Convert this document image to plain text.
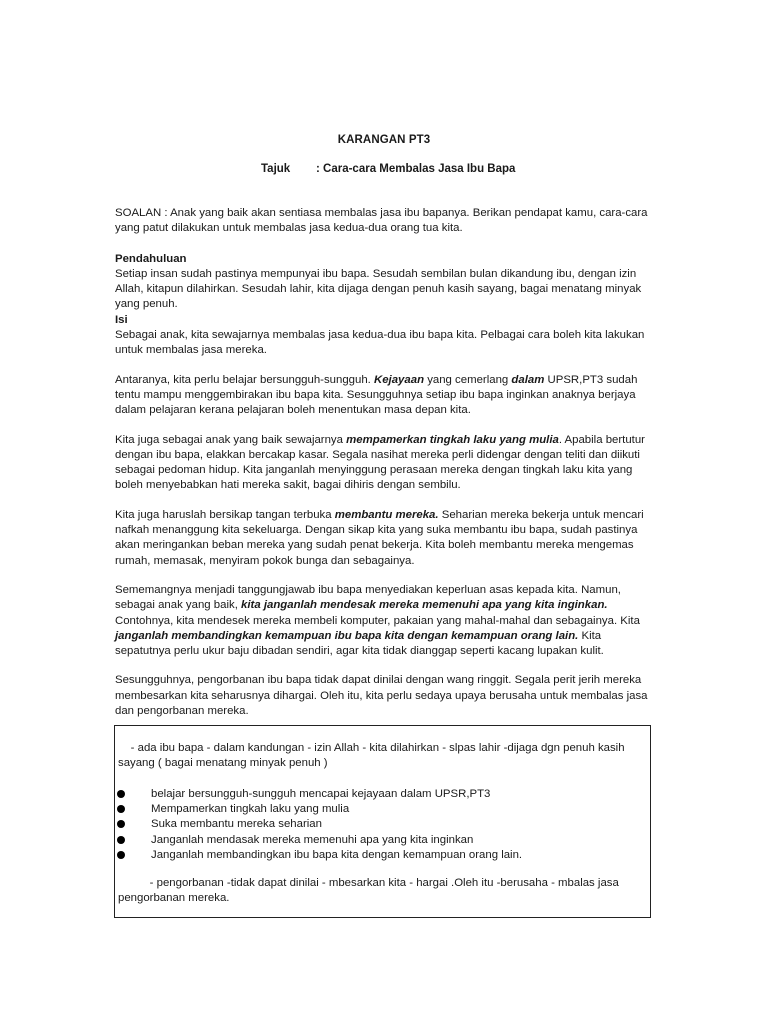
KARANGAN PT3
Tajuk : Cara-cara Membalas Jasa Ibu Bapa

SOALAN : Anak yang baik akan sentiasa membalas jasa ibu bapanya. Berikan pendapat kamu, cara-cara yang patut dilakukan untuk membalas jasa kedua-dua orang tua kita.

Pendahuluan

Setiap insan sudah pastinya mempunyai ibu bapa. Sesudah sembilan bulan dikandung ibu, dengan izin Allah, kitapun dilahirkan. Sesudah lahir, kita dijaga dengan penuh kasih sayang, bagai menatang minyak yang penuh.

Isi

Sebagai anak, kita sewajarnya membalas jasa kedua-dua ibu bapa kita. Pelbagai cara boleh kita lakukan untuk membalas jasa mereka.

Antaranya, kita perlu belajar bersungguh-sungguh. Kejayaan yang cemerlang dalam UPSR,PT3 sudah tentu mampu menggembirakan ibu bapa kita. Sesungguhnya setiap ibu bapa inginkan anaknya berjaya dalam pelajaran kerana pelajaran boleh menentukan masa depan kita.

Kita juga sebagai anak yang baik sewajarnya mempamerkan tingkah laku yang mulia. Apabila bertutur dengan ibu bapa, elakkan bercakap kasar. Segala nasihat mereka perli didengar dengan teliti dan diikuti sebagai pedoman hidup. Kita janganlah menyinggung perasaan mereka dengan tingkah laku kita yang boleh menyebabkan hati mereka sakit, bagai dihiris dengan sembilu.

Kita juga haruslah bersikap tangan terbuka membantu mereka. Seharian mereka bekerja untuk mencari nafkah menanggung kita sekeluarga. Dengan sikap kita yang suka membantu ibu bapa, sudah pastinya akan meringankan beban mereka yang sudah penat bekerja. Kita boleh membantu mereka mengemas rumah, memasak, menyiram pokok bunga dan sebagainya.

Sememangnya menjadi tanggungjawab ibu bapa menyediakan keperluan asas kepada kita. Namun, sebagai anak yang baik, kita janganlah mendesak mereka memenuhi apa yang kita inginkan. Contohnya, kita mendesek mereka membeli komputer, pakaian yang mahal-mahal dan sebagainya. Kita janganlah membandingkan kemampuan ibu bapa kita dengan kemampuan orang lain. Kita sepatutnya perlu ukur baju dibadan sendiri, agar kita tidak dianggap seperti kacang lupakan kulit.

Sesungguhnya, pengorbanan ibu bapa tidak dapat dinilai dengan wang ringgit. Segala perit jerih mereka membesarkan kita seharusnya dihargai. Oleh itu, kita perlu sedaya upaya berusaha untuk membalas jasa dan pengorbanan mereka.

- ada ibu bapa - dalam kandungan - izin Allah - kita dilahirkan - slpas lahir -dijaga dgn penuh kasih sayang ( bagai menatang minyak penuh )
belajar bersungguh-sungguh mencapai kejayaan dalam UPSR,PT3
Mempamerkan tingkah laku yang mulia
Suka membantu mereka seharian
Janganlah mendasak mereka memenuhi apa yang kita inginkan
Janganlah membandingkan ibu bapa kita dengan kemampuan orang lain.
- pengorbanan -tidak dapat dinilai - mbesarkan kita - hargai .Oleh itu -berusaha - mbalas jasa pengorbanan mereka.
